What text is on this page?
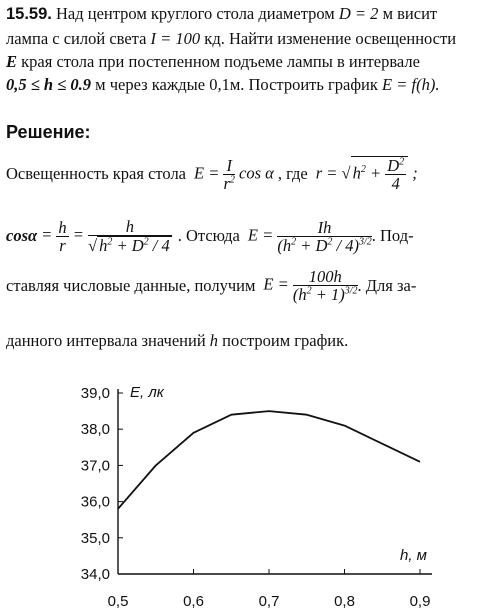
15.59. Над центром круглого стола диаметром D = 2 м висит
лампа с силой света I = 100 кд. Найти изменение освещенности
E края стола при постепенном подъеме лампы в интервале
0,5 ≤ h ≤ 0.9 м через каждые 0,1м. Построить график E = f(h).
Решение:
Освещенность края стола $E = \frac{I}{r^2}$ cos α , где r = √ $h^2 + \frac{D^2}{4}$ ;
$\cos\alpha = \frac{h}{r} = \frac{h}{√ h^2 + D^2 / 4}$ . Отсюда $E = \frac{Ih}{(h^2 + D^2 / 4)^{3/2}}$ . Под-
ставляя числовые данные, получим $E = \frac{100h}{(h^2 + 1)^{3/2}}$ . Для за-
данного интервала значений h построим график.
39,0
38,0
37,0
36,0
35,0
34,0
0,5	0,6	0,7	0,8	0,9
E, лк
h, м
